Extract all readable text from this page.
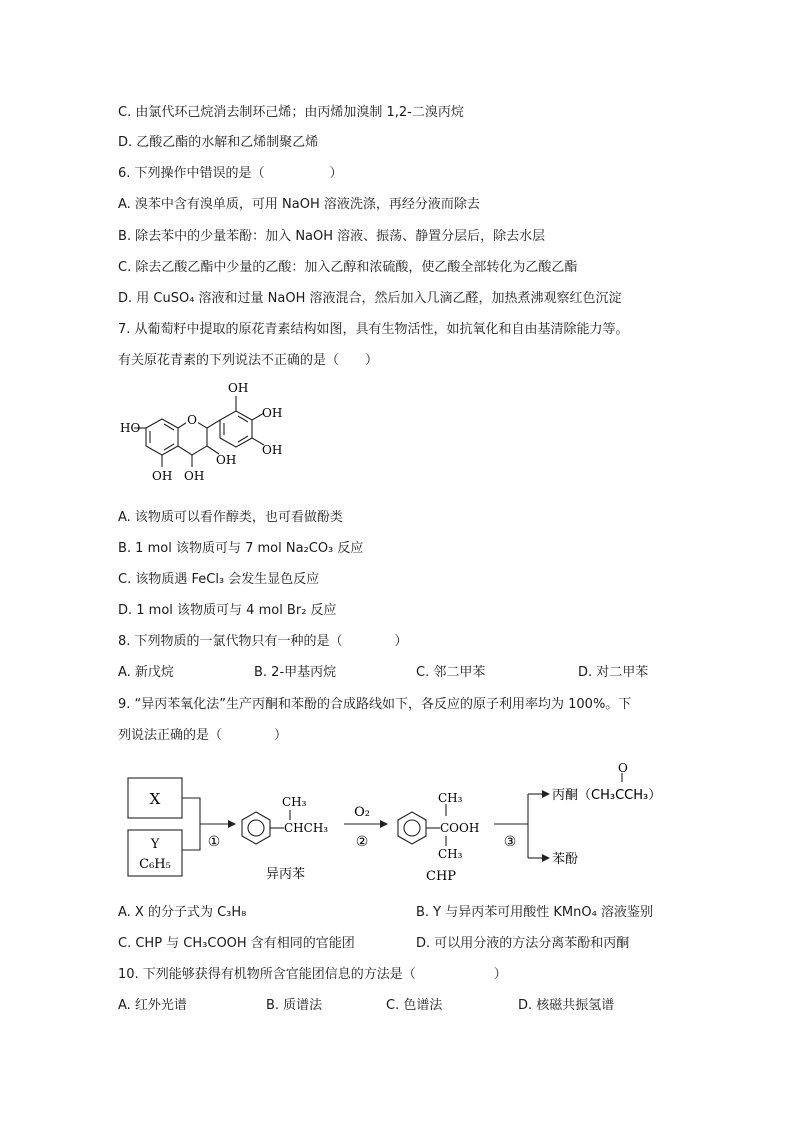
C. 由氯代环己烷消去制环己烯；由丙烯加溴制 1,2-二溴丙烷
D. 乙酸乙酯的水解和乙烯制聚乙烯
6. 下列操作中错误的是（　　　　　）
A. 溴苯中含有溴单质，可用 NaOH 溶液洗涤，再经分液而除去
B. 除去苯中的少量苯酚：加入 NaOH 溶液、振荡、静置分层后，除去水层
C. 除去乙酸乙酯中少量的乙酸：加入乙醇和浓硫酸，使乙酸全部转化为乙酸乙酯
D. 用 CuSO₄ 溶液和过量 NaOH 溶液混合，然后加入几滴乙醛，加热煮沸观察红色沉淀
7. 从葡萄籽中提取的原花青素结构如图，具有生物活性，如抗氧化和自由基清除能力等。
有关原花青素的下列说法不正确的是（　　）
O
HO
OH OH
OH
OH
OH
OH
A. 该物质可以看作醇类，也可看做酚类
B. 1 mol 该物质可与 7 mol Na₂CO₃ 反应
C. 该物质遇 FeCl₃ 会发生显色反应
D. 1 mol 该物质可与 4 mol Br₂ 反应
8. 下列物质的一氯代物只有一种的是（　　　　）
A. 新戊烷	B. 2-甲基丙烷	C. 邻二甲苯	D. 对二甲苯
9. “异丙苯氧化法”生产丙酮和苯酚的合成路线如下，各反应的原子利用率均为 100%。下
列说法正确的是（　　　　）
X
Y
C₆H₅
①
CH₃
CHCH₃
异丙苯
O₂
②
CH₃
COOH
CH₃
CHP
③
O
丙酮（CH₃CCH₃）
苯酚
A. X 的分子式为 C₃H₈	B. Y 与异丙苯可用酸性 KMnO₄ 溶液鉴别
C. CHP 与 CH₃COOH 含有相同的官能团	D. 可以用分液的方法分离苯酚和丙酮
10. 下列能够获得有机物所含官能团信息的方法是（　　　　　　）
A. 红外光谱	B. 质谱法	C. 色谱法	D. 核磁共振氢谱
